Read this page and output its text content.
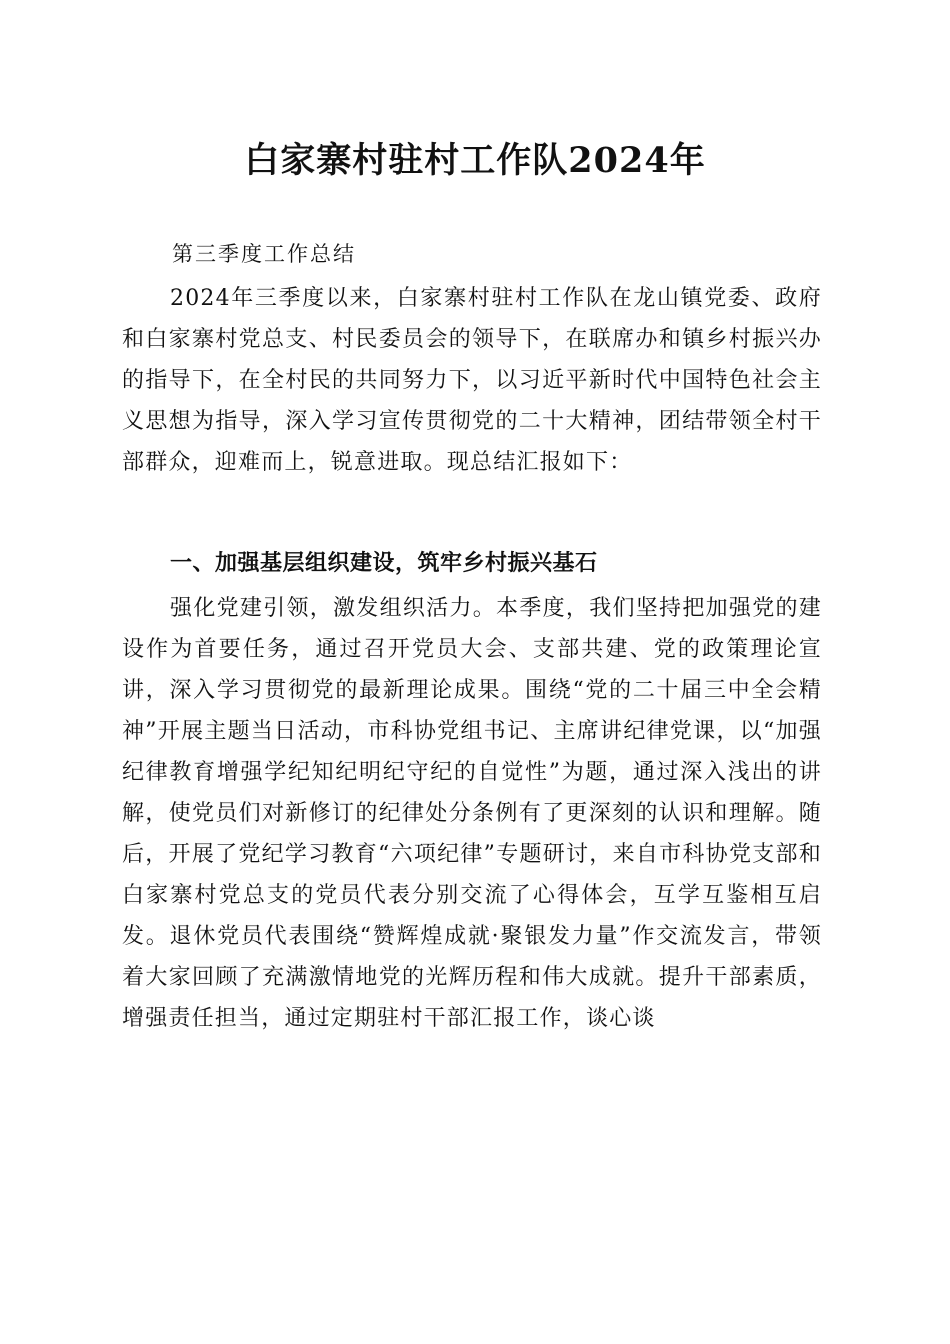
白家寨村驻村工作队2024年
第三季度工作总结

2024年三季度以来，白家寨村驻村工作队在龙山镇党委、政府和白家寨村党总支、村民委员会的领导下，在联席办和镇乡村振兴办的指导下，在全村民的共同努力下，以习近平新时代中国特色社会主义思想为指导，深入学习宣传贯彻党的二十大精神，团结带领全村干部群众，迎难而上，锐意进取。现总结汇报如下：

一、加强基层组织建设，筑牢乡村振兴基石

强化党建引领，激发组织活力。本季度，我们坚持把加强党的建设作为首要任务，通过召开党员大会、支部共建、党的政策理论宣讲，深入学习贯彻党的最新理论成果。围绕“党的二十届三中全会精神”开展主题当日活动，市科协党组书记、主席讲纪律党课，以“加强纪律教育增强学纪知纪明纪守纪的自觉性”为题，通过深入浅出的讲解，使党员们对新修订的纪律处分条例有了更深刻的认识和理解。随后，开展了党纪学习教育“六项纪律”专题研讨，来自市科协党支部和白家寨村党总支的党员代表分别交流了心得体会，互学互鉴相互启发。退休党员代表围绕“赞辉煌成就·聚银发力量”作交流发言，带领着大家回顾了充满激情地党的光辉历程和伟大成就。提升干部素质，增强责任担当，通过定期驻村干部汇报工作，谈心谈
